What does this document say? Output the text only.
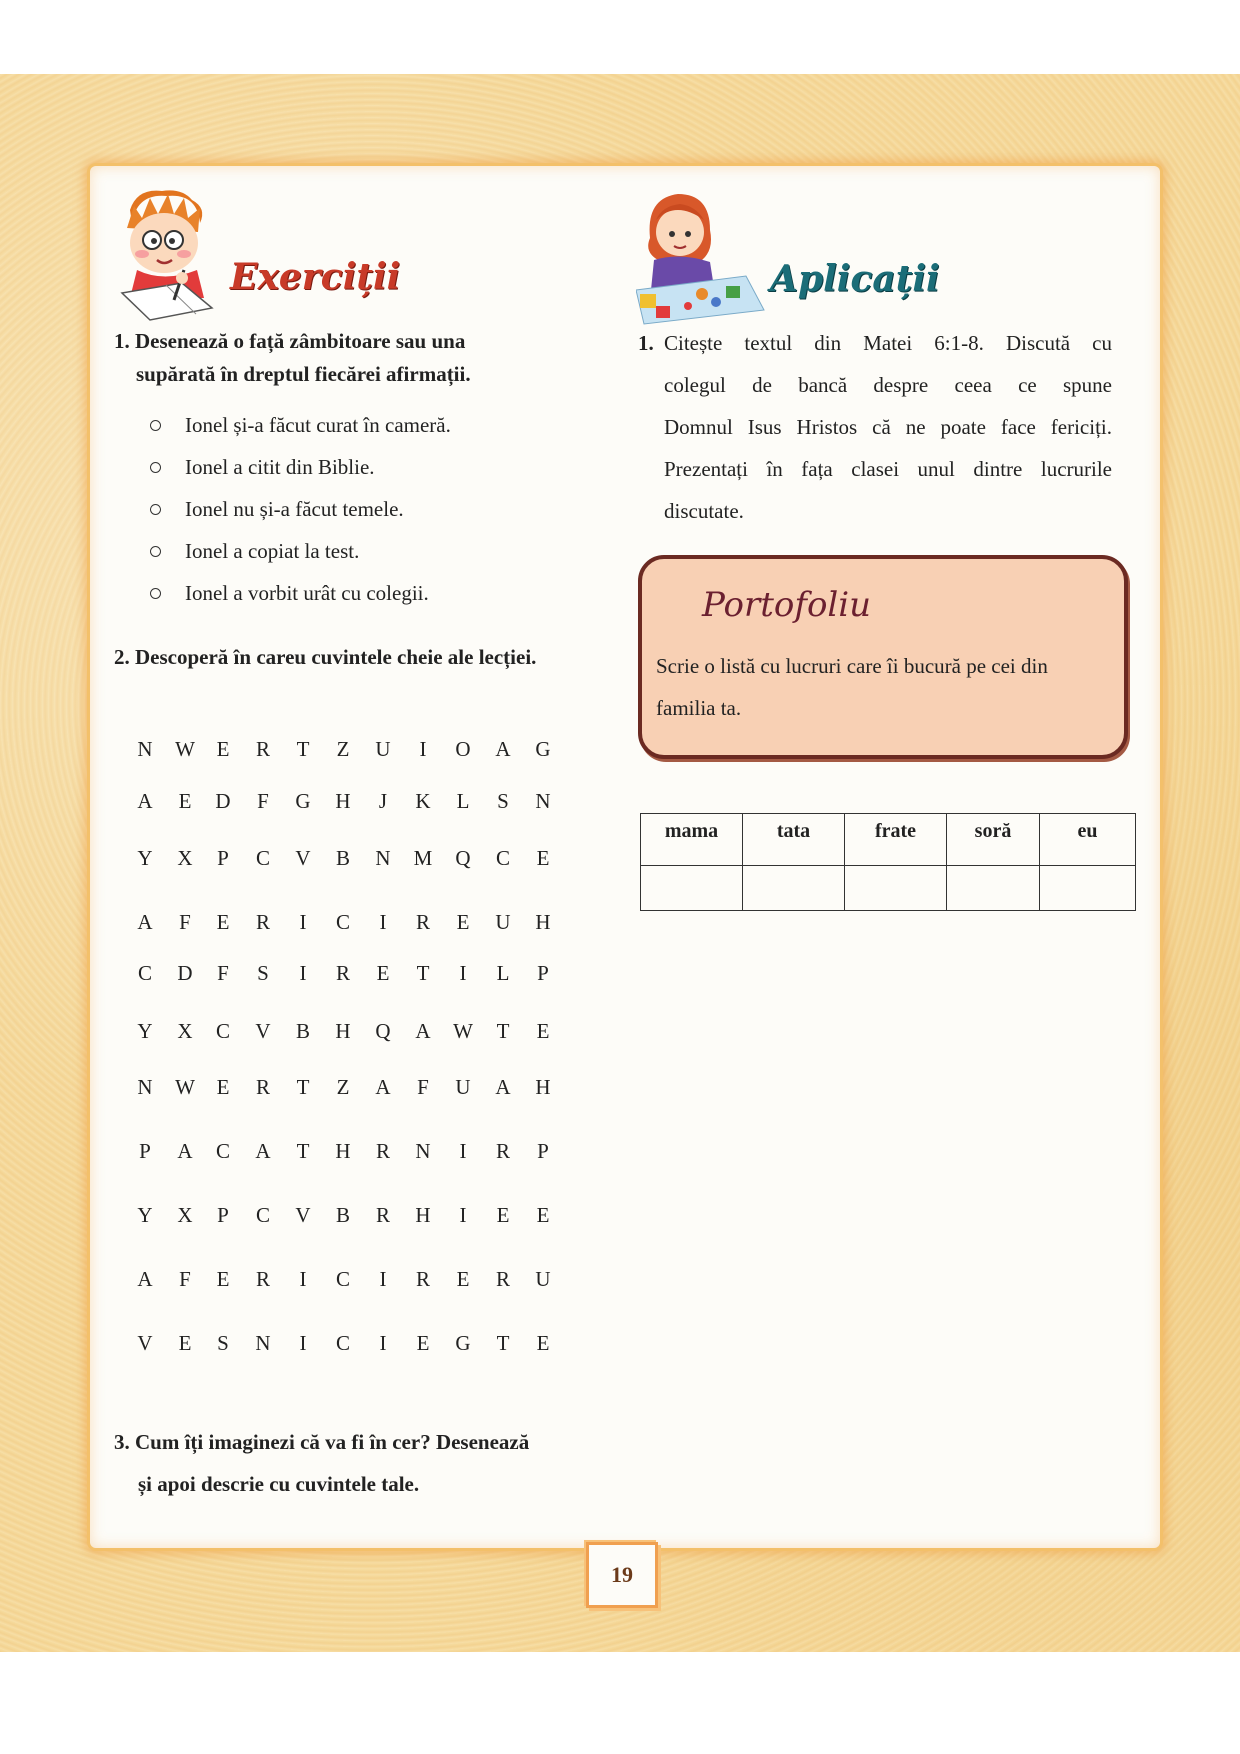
Exerciții	Aplicații
1. Desenează o față zâmbitoare sau una
supărată în dreptul fiecărei afirmații.
Ionel și-a făcut curat în cameră.
Ionel a citit din Biblie.
Ionel nu și-a făcut temele.
Ionel a copiat la test.
Ionel a vorbit urât cu colegii.
2. Descoperă în careu cuvintele cheie ale lecției.
N	W	E	R	T	Z	U	I	O	A	G
A	E	D	F	G	H	J	K	L	S	N
Y	X	P	C	V	B	N	M	Q	C	E
A	F	E	R	I	C	I	R	E	U	H
C	D	F	S	I	R	E	T	I	L	P
Y	X	C	V	B	H	Q	A	W	T	E
N	W	E	R	T	Z	A	F	U	A	H
P	A	C	A	T	H	R	N	I	R	P
Y	X	P	C	V	B	R	H	I	E	E
A	F	E	R	I	C	I	R	E	R	U
V	E	S	N	I	C	I	E	G	T	E
3. Cum îți imaginezi că va fi în cer? Desenează
și apoi descrie cu cuvintele tale.
1. Citește textul din Matei 6:1-8. Discută cu
colegul de bancă despre ceea ce spune
Domnul Isus Hristos că ne poate face fericiți.
Prezentați în fața clasei unul dintre lucrurile
discutate.
Portofoliu
Scrie o listă cu lucruri care îi bucură pe cei din familia ta.
mama	tata	frate	soră	eu

19
